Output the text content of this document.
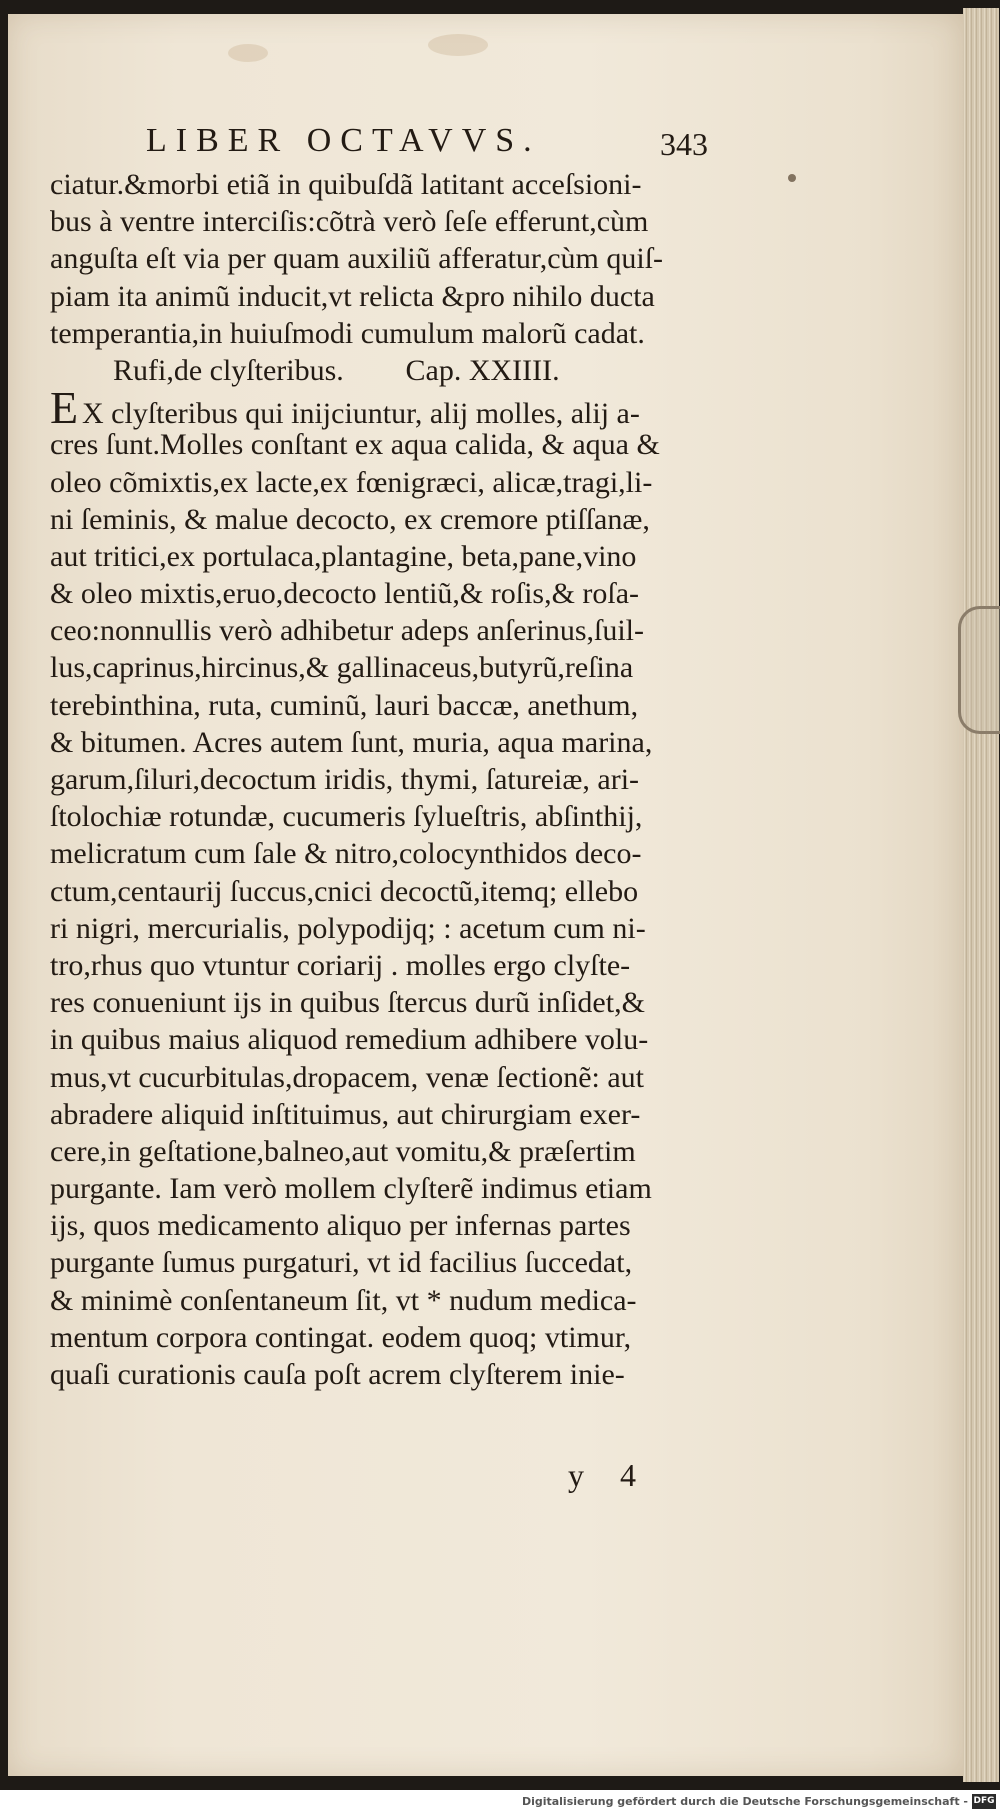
LIBER OCTAVVS.	343
ciatur.&morbi etiã in quibuſdã latitant acceſsioni-
bus à ventre interciſis:cõtrà verò ſeſe efferunt,cùm
anguſta eſt via per quam auxiliũ afferatur,cùm quiſ-
piam ita animũ inducit,vt relicta &pro nihilo ducta
temperantia,in huiuſmodi cumulum malorũ cadat.
Rufi,de clyſteribus. Cap. XXIIII.
E X clyſteribus qui inijciuntur, alij molles, alij a-
cres ſunt.Molles conſtant ex aqua calida, & aqua &
oleo cõmixtis,ex lacte,ex fœnigræci, alicæ,tragi,li-
ni ſeminis, & malue decocto, ex cremore ptiſſanæ,
aut tritici,ex portulaca,plantagine, beta,pane,vino
& oleo mixtis,eruo,decocto lentiũ,& roſis,& roſa-
ceo:nonnullis verò adhibetur adeps anſerinus,ſuil-
lus,caprinus,hircinus,& gallinaceus,butyrũ,reſina
terebinthina, ruta, cuminũ, lauri baccæ, anethum,
& bitumen. Acres autem ſunt, muria, aqua marina,
garum,ſiluri,decoctum iridis, thymi, ſatureiæ, ari-
ſtolochiæ rotundæ, cucumeris ſylueſtris, abſinthij,
melicratum cum ſale & nitro,colocynthidos deco-
ctum,centaurij ſuccus,cnici decoctũ,itemq; ellebo
ri nigri, mercurialis, polypodijq; : acetum cum ni-
tro,rhus quo vtuntur coriarij . molles ergo clyſte-
res conueniunt ijs in quibus ſtercus durũ inſidet,&
in quibus maius aliquod remedium adhibere volu-
mus,vt cucurbitulas,dropacem, venæ ſectionẽ: aut
abradere aliquid inſtituimus, aut chirurgiam exer-
cere,in geſtatione,balneo,aut vomitu,& præſertim
purgante. Iam verò mollem clyſterẽ indimus etiam
ijs, quos medicamento aliquo per infernas partes
purgante ſumus purgaturi, vt id facilius ſuccedat,
& minimè conſentaneum ſit, vt * nudum medica-
mentum corpora contingat. eodem quoq; vtimur,
quaſi curationis cauſa poſt acrem clyſterem inie-
y 4
Digitalisierung gefördert durch die Deutsche Forschungsgemeinschaft - DFG
